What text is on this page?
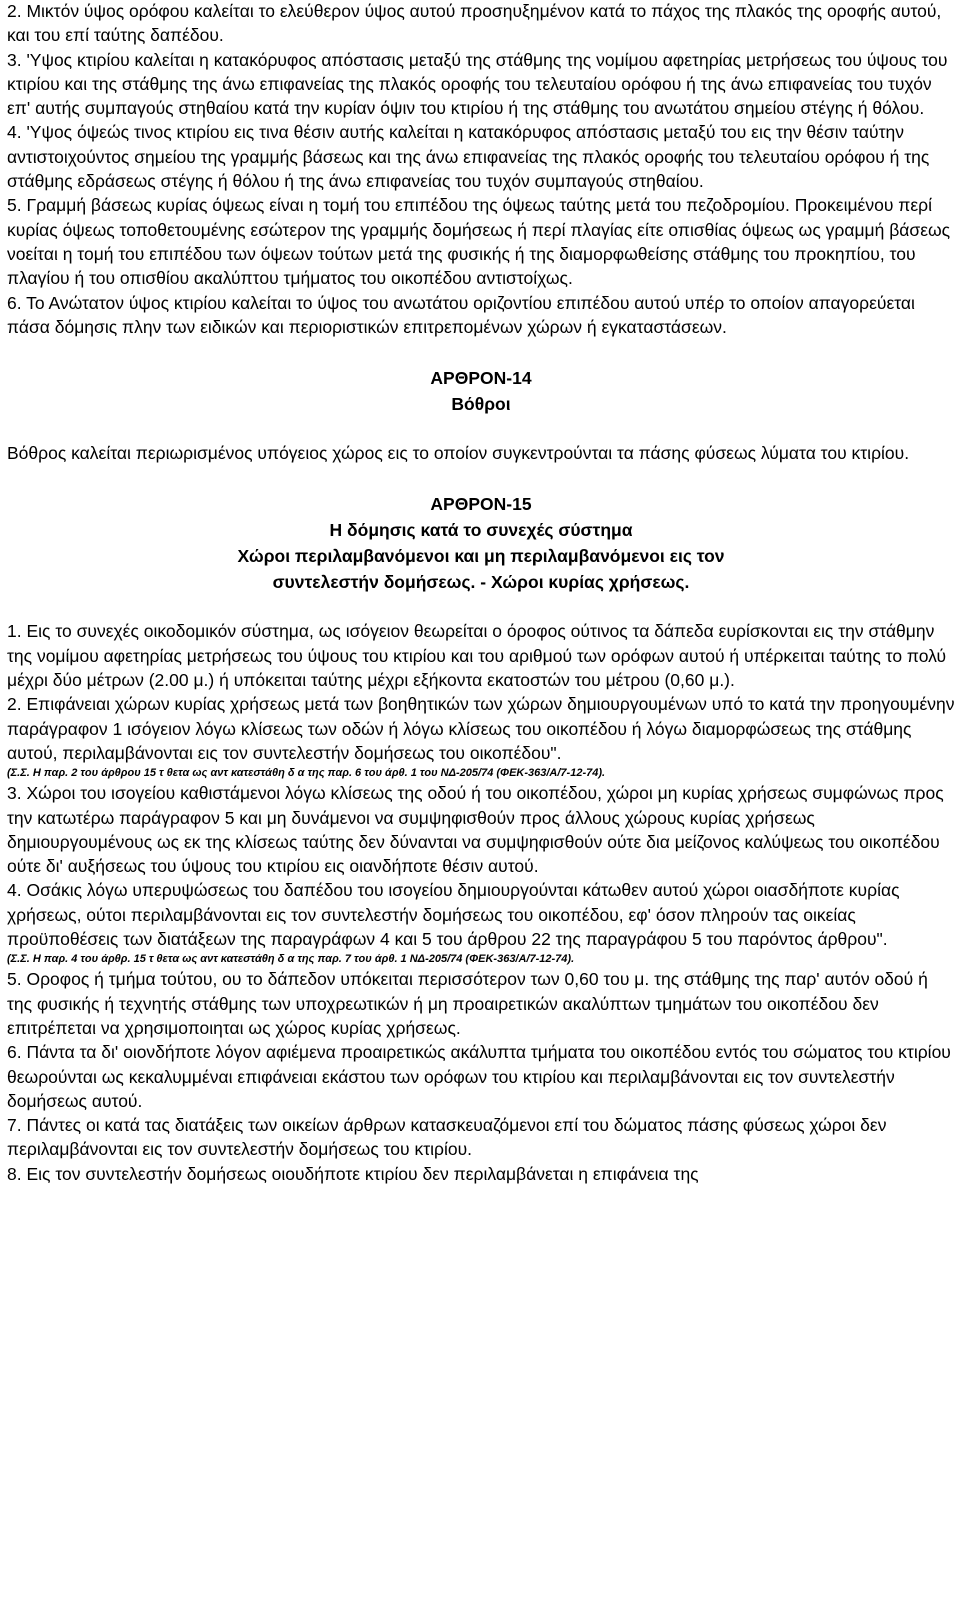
2. Μικτόν ύψος ορόφου καλείται το ελεύθερον ύψος αυτού προσηυξημένον κατά το πάχος της πλακός της οροφής αυτού, και του επί ταύτης δαπέδου.

3. 'Υψος κτιρίου καλείται η κατακόρυφος απόστασις μεταξύ της στάθμης της νομίμου αφετηρίας μετρήσεως του ύψους του κτιρίου και της στάθμης της άνω επιφανείας της πλακός οροφής του τελευταίου ορόφου ή της άνω επιφανείας του τυχόν επ' αυτής συμπαγούς στηθαίου κατά την κυρίαν όψιν του κτιρίου ή της στάθμης του ανωτάτου σημείου στέγης ή θόλου.

4. 'Υψος όψεώς τινος κτιρίου εις τινα θέσιν αυτής καλείται η κατακόρυφος απόστασις μεταξύ του εις την θέσιν ταύτην αντιστοιχούντος σημείου της γραμμής βάσεως και της άνω επιφανείας της πλακός οροφής του τελευταίου ορόφου ή της στάθμης εδράσεως στέγης ή θόλου ή της άνω επιφανείας του τυχόν συμπαγούς στηθαίου.

5. Γραμμή βάσεως κυρίας όψεως είναι η τομή του επιπέδου της όψεως ταύτης μετά του πεζοδρομίου. Προκειμένου περί κυρίας όψεως τοποθετουμένης εσώτερον της γραμμής δομήσεως ή περί πλαγίας είτε οπισθίας όψεως ως γραμμή βάσεως νοείται η τομή του επιπέδου των όψεων τούτων μετά της φυσικής ή της διαμορφωθείσης στάθμης του προκηπίου, του πλαγίου ή του οπισθίου ακαλύπτου τμήματος του οικοπέδου αντιστοίχως.

6. Το Ανώτατον ύψος κτιρίου καλείται το ύψος του ανωτάτου οριζοντίου επιπέδου αυτού υπέρ το οποίον απαγορεύεται πάσα δόμησις πλην των ειδικών και περιοριστικών επιτρεπομένων χώρων ή εγκαταστάσεων.

ΑΡΘΡΟΝ-14
Βόθροι

Βόθρος καλείται περιωρισμένος υπόγειος χώρος εις το οποίον συγκεντρούνται τα πάσης φύσεως λύματα του κτιρίου.

ΑΡΘΡΟΝ-15
Η δόμησις κατά το συνεχές σύστημα
Χώροι περιλαμβανόμενοι και μη περιλαμβανόμενοι εις τον
συντελεστήν δομήσεως. - Χώροι κυρίας χρήσεως.

1. Εις το συνεχές οικοδομικόν σύστημα, ως ισόγειον θεωρείται ο όροφος ούτινος τα δάπεδα ευρίσκονται εις την στάθμην της νομίμου αφετηρίας μετρήσεως του ύψους του κτιρίου και του αριθμού των ορόφων αυτού ή υπέρκειται ταύτης το πολύ μέχρι δύο μέτρων (2.00 μ.) ή υπόκειται ταύτης μέχρι εξήκοντα εκατοστών του μέτρου (0,60 μ.).

2. Επιφάνειαι χώρων κυρίας χρήσεως μετά των βοηθητικών των χώρων δημιουργουμένων υπό το κατά την προηγουμένην παράγραφον 1 ισόγειον λόγω κλίσεως των οδών ή λόγω κλίσεως του οικοπέδου ή λόγω διαμορφώσεως της στάθμης αυτού, περιλαμβάνονται εις τον συντελεστήν δομήσεως του οικοπέδου".

(Σ.Σ. Η παρ. 2 του άρθρου 15 τ θετα ως αντ κατεστάθη δ α της παρ. 6 του άρθ. 1 του ΝΔ-205/74 (ΦΕΚ-363/Α/7-12-74).

3. Χώροι του ισογείου καθιστάμενοι λόγω κλίσεως της οδού ή του οικοπέδου, χώροι μη κυρίας χρήσεως συμφώνως προς την κατωτέρω παράγραφον 5 και μη δυνάμενοι να συμψηφισθούν προς άλλους χώρους κυρίας χρήσεως δημιουργουμένους ως εκ της κλίσεως ταύτης δεν δύνανται να συμψηφισθούν ούτε δια μείζονος καλύψεως του οικοπέδου ούτε δι' αυξήσεως του ύψους του κτιρίου εις οιανδήποτε θέσιν αυτού.

4. Οσάκις λόγω υπερυψώσεως του δαπέδου του ισογείου δημιουργούνται κάτωθεν αυτού χώροι οιασδήποτε κυρίας χρήσεως, ούτοι περιλαμβάνονται εις τον συντελεστήν δομήσεως του οικοπέδου, εφ' όσον πληρούν τας οικείας προϋποθέσεις των διατάξεων της παραγράφων 4 και 5 του άρθρου 22 της παραγράφου 5 του παρόντος άρθρου".

(Σ.Σ. Η παρ. 4 του άρθρ. 15 τ θετα ως αντ κατεστάθη δ α της παρ. 7 του άρθ. 1 ΝΔ-205/74 (ΦΕΚ-363/Α/7-12-74).

5. Οροφος ή τμήμα τούτου, ου το δάπεδον υπόκειται περισσότερον των 0,60 του μ. της στάθμης της παρ' αυτόν οδού ή της φυσικής ή τεχνητής στάθμης των υποχρεωτικών ή μη προαιρετικών ακαλύπτων τμημάτων του οικοπέδου δεν επιτρέπεται να χρησιμοποιηται ως χώρος κυρίας χρήσεως.

6. Πάντα τα δι' οιονδήποτε λόγον αφιέμενα προαιρετικώς ακάλυπτα τμήματα του οικοπέδου εντός του σώματος του κτιρίου θεωρούνται ως κεκαλυμμέναι επιφάνειαι εκάστου των ορόφων του κτιρίου και περιλαμβάνονται εις τον συντελεστήν δομήσεως αυτού.

7. Πάντες οι κατά τας διατάξεις των οικείων άρθρων κατασκευαζόμενοι επί του δώματος πάσης φύσεως χώροι δεν περιλαμβάνονται εις τον συντελεστήν δομήσεως του κτιρίου.

8. Εις τον συντελεστήν δομήσεως οιουδήποτε κτιρίου δεν περιλαμβάνεται η επιφάνεια της
